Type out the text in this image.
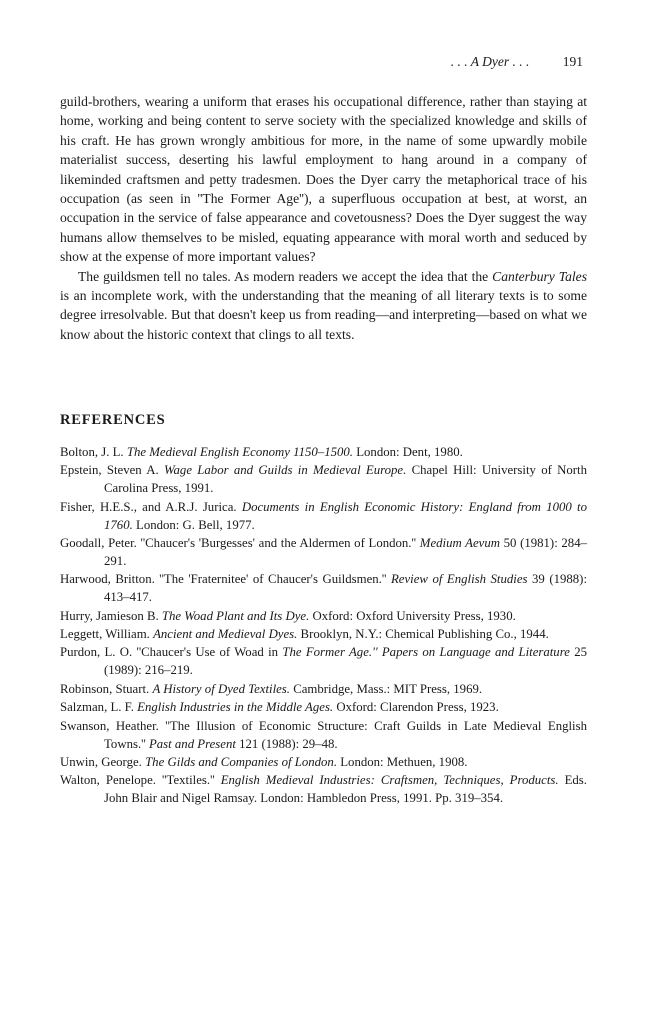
. . . A Dyer . . . 191

guild-brothers, wearing a uniform that erases his occupational difference, rather than staying at home, working and being content to serve society with the specialized knowledge and skills of his craft. He has grown wrongly ambitious for more, in the name of some upwardly mobile materialist success, deserting his lawful employment to hang around in a company of likeminded craftsmen and petty tradesmen. Does the Dyer carry the metaphorical trace of his occupation (as seen in ''The Former Age''), a superfluous occupation at best, at worst, an occupation in the service of false appearance and covetousness? Does the Dyer suggest the way humans allow themselves to be misled, equating appearance with moral worth and seduced by show at the expense of more important values?

The guildsmen tell no tales. As modern readers we accept the idea that the Canterbury Tales is an incomplete work, with the understanding that the meaning of all literary texts is to some degree irresolvable. But that doesn't keep us from reading—and interpreting—based on what we know about the historic context that clings to all texts.

REFERENCES
Bolton, J. L. The Medieval English Economy 1150–1500. London: Dent, 1980.
Epstein, Steven A. Wage Labor and Guilds in Medieval Europe. Chapel Hill: University of North Carolina Press, 1991.
Fisher, H.E.S., and A.R.J. Jurica. Documents in English Economic History: England from 1000 to 1760. London: G. Bell, 1977.
Goodall, Peter. ''Chaucer's 'Burgesses' and the Aldermen of London.'' Medium Aevum 50 (1981): 284–291.
Harwood, Britton. ''The 'Fraternitee' of Chaucer's Guildsmen.'' Review of English Studies 39 (1988): 413–417.
Hurry, Jamieson B. The Woad Plant and Its Dye. Oxford: Oxford University Press, 1930.
Leggett, William. Ancient and Medieval Dyes. Brooklyn, N.Y.: Chemical Publishing Co., 1944.
Purdon, L. O. ''Chaucer's Use of Woad in The Former Age.'' Papers on Language and Literature 25 (1989): 216–219.
Robinson, Stuart. A History of Dyed Textiles. Cambridge, Mass.: MIT Press, 1969.
Salzman, L. F. English Industries in the Middle Ages. Oxford: Clarendon Press, 1923.
Swanson, Heather. ''The Illusion of Economic Structure: Craft Guilds in Late Medieval English Towns.'' Past and Present 121 (1988): 29–48.
Unwin, George. The Gilds and Companies of London. London: Methuen, 1908.
Walton, Penelope. ''Textiles.'' English Medieval Industries: Craftsmen, Techniques, Products. Eds. John Blair and Nigel Ramsay. London: Hambledon Press, 1991. Pp. 319–354.
